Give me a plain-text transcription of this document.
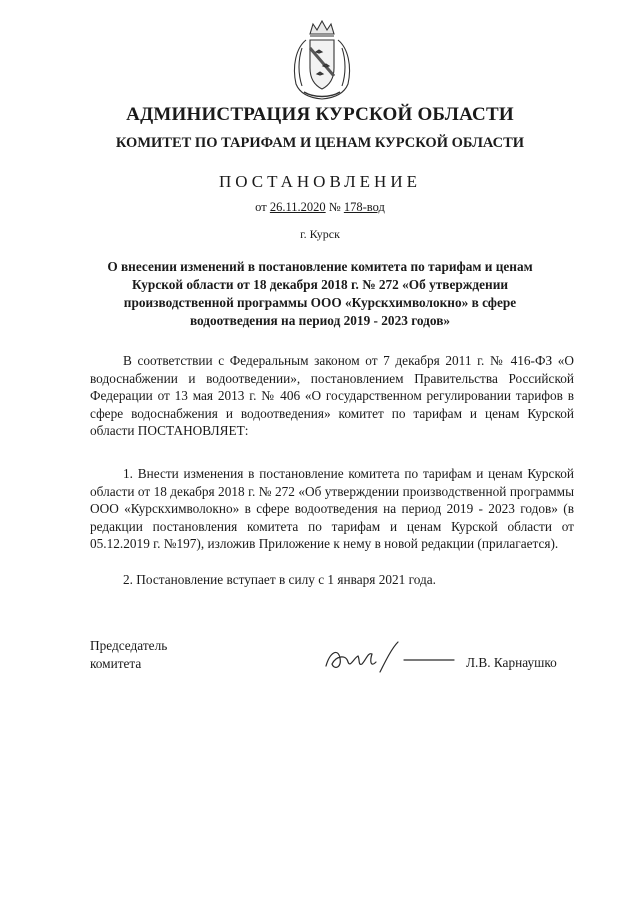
АДМИНИСТРАЦИЯ КУРСКОЙ ОБЛАСТИ
КОМИТЕТ ПО ТАРИФАМ И ЦЕНАМ КУРСКОЙ ОБЛАСТИ
ПОСТАНОВЛЕНИЕ
от 26.11.2020 № 178-вод
г. Курск
О внесении изменений в постановление комитета по тарифам и ценам Курской области от 18 декабря 2018 г. № 272 «Об утверждении производственной программы ООО «Курскхимволокно» в сфере водоотведения на период 2019 - 2023 годов»
В соответствии с Федеральным законом от 7 декабря 2011 г. № 416-ФЗ «О водоснабжении и водоотведении», постановлением Правительства Российской Федерации от 13 мая 2013 г. № 406 «О государственном регулировании тарифов в сфере водоснабжения и водоотведения» комитет по тарифам и ценам Курской области ПОСТАНОВЛЯЕТ:
1. Внести изменения в постановление комитета по тарифам и ценам Курской области от 18 декабря 2018 г. № 272 «Об утверждении производственной программы ООО «Курскхимволокно» в сфере водоотведения на период 2019 - 2023 годов» (в редакции постановления комитета по тарифам и ценам Курской области от 05.12.2019 г. №197), изложив Приложение к нему в новой редакции (прилагается).
2. Постановление вступает в силу с 1 января 2021 года.
Председатель
комитета	Л.В. Карнаушко
